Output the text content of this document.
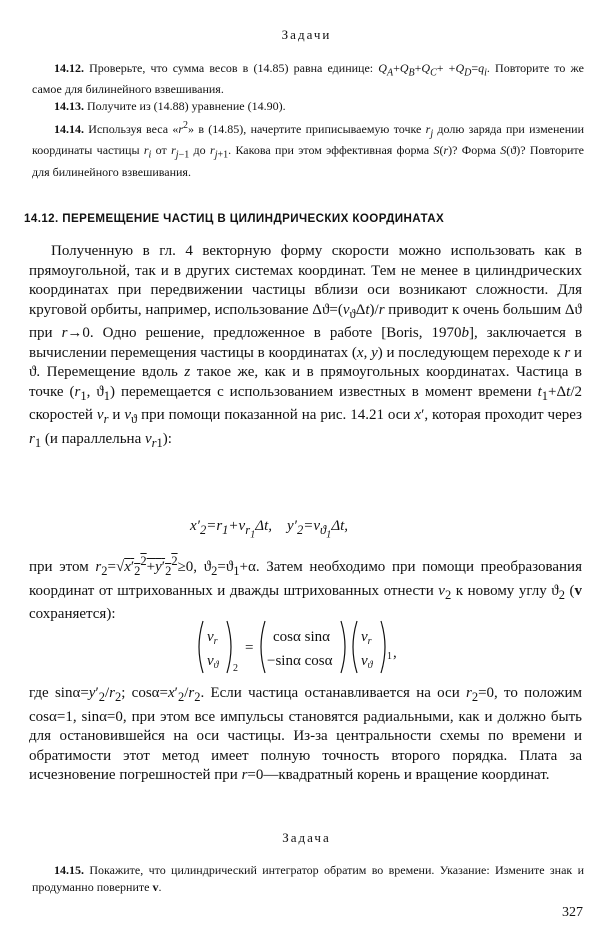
Задачи
14.12. Проверьте, что сумма весов в (14.85) равна единице: $Q_A+Q_B+Q_C+ +Q_D=q_i$. Повторите то же самое для билинейного взвешивания.
14.13. Получите из (14.88) уравнение (14.90).
14.14. Используя веса «$r^2$» в (14.85), начертите приписываемую точке $r_j$ долю заряда при изменении координаты частицы $r_i$ от $r_{j-1}$ до $r_{j+1}$. Какова при этом эффективная форма S(r)? Форма S(ϑ)? Повторите для билинейного взвешивания.
14.12. ПЕРЕМЕЩЕНИЕ ЧАСТИЦ В ЦИЛИНДРИЧЕСКИХ КООРДИНАТАХ

Полученную в гл. 4 векторную форму скорости можно использовать как в прямоугольной, так и в других системах координат. Тем не менее в цилиндрических координатах при передвижении частицы вблизи оси возникают сложности. Для круговой орбиты, например, использование $\Delta ϑ=(v_ϑ\Delta t)/r$ приводит к очень большим Δϑ при r→0. Одно решение, предложенное в работе [Boris, 1970b], заключается в вычислении перемещения частицы в координатах (x, y) и последующем переходе к r и ϑ. Перемещение вдоль z такое же, как и в прямоугольных координатах. Частица в точке ($r_1$, $ϑ_1$) перемещается с использованием известных в момент времени $t_1+\Delta t/2$ скоростей $v_r$ и $v_ϑ$ при помощи показанной на рис. 14.21 оси x′, которая проходит через $r_1$ (и параллельна $v_{r1}$):

$x'_2=r_1+v_{r_1}\Delta t$,    $y'_2=v_{ϑ_1}\Delta t$,

при этом $r_2=√x'_2^2+y'_2^2\ge 0$, $ϑ_2=ϑ_1+\alpha$. Затем необходимо при помощи преобразования координат от штрихованных и дважды штрихованных отнести $v_2$ к новому углу $ϑ_2$ (v сохраняется):

$v_r$
$v_ϑ$ 2
=
cosα sinα
−sinα cosα
$v_r$
$v_ϑ$
1 ,

где $\sin\alpha=y'_2/r_2$; $\cos\alpha=x'_2/r_2$. Если частица останавливается на оси $r_2=0$, то положим cosα=1, sinα=0, при этом все импульсы становятся радиальными, как и должно быть для остановившейся на оси частицы. Из-за центральности схемы по времени и обратимости этот метод имеет полную точность второго порядка. Плата за исчезновение погрешностей при r=0—квадратный корень и вращение координат.

Задача
14.15. Покажите, что цилиндрический интегратор обратим во времени. Указание: Измените знак и продуманно поверните v.
327
